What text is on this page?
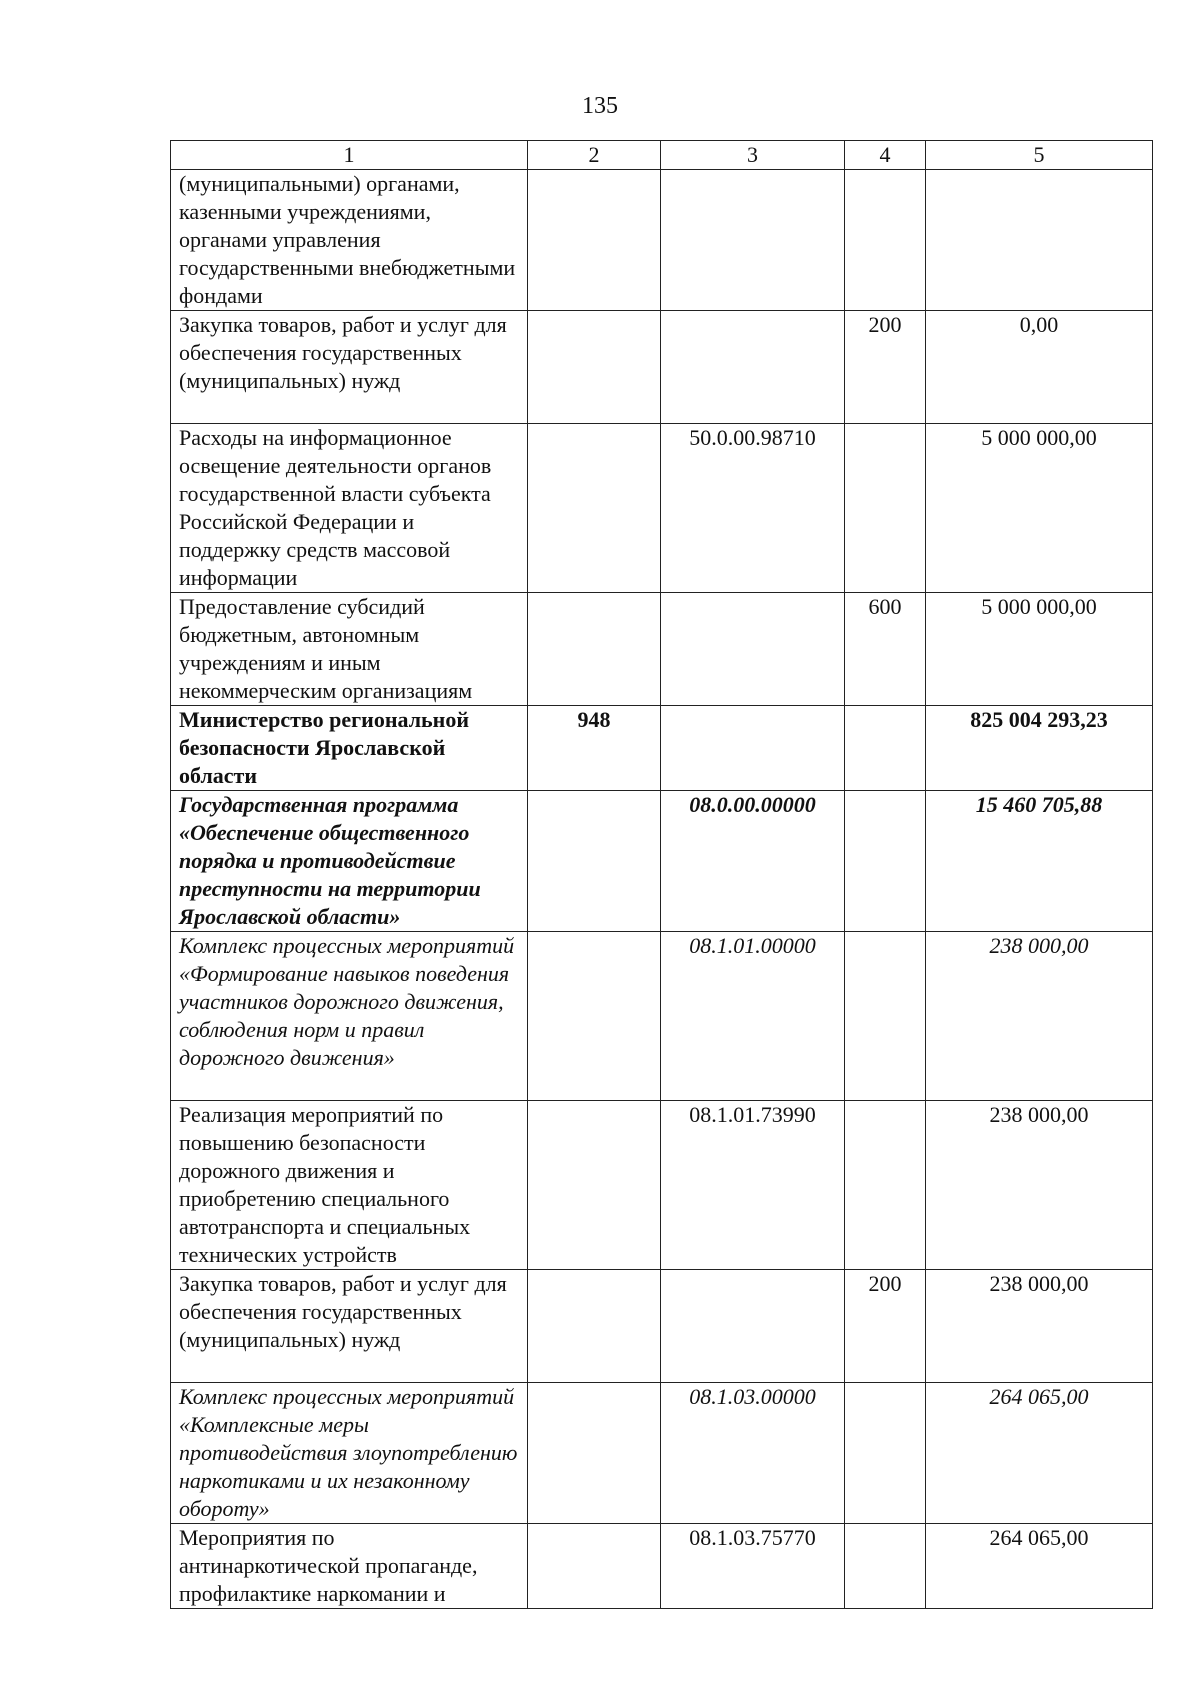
135
1	2	3	4	5
(муниципальными) органами, казенными учреждениями, органами управления государственными внебюджетными фондами				
Закупка товаров, работ и услуг для обеспечения государственных (муниципальных) нужд			200	0,00
Расходы на информационное освещение деятельности органов государственной власти субъекта Российской Федерации и поддержку средств массовой информации		50.0.00.98710		5 000 000,00
Предоставление субсидий бюджетным, автономным учреждениям и иным некоммерческим организациям			600	5 000 000,00
Министерство региональной безопасности Ярославской области	948			825 004 293,23
Государственная программа «Обеспечение общественного порядка и противодействие преступности на территории Ярославской области»		08.0.00.00000		15 460 705,88
Комплекс процессных мероприятий «Формирование навыков поведения участников дорожного движения, соблюдения норм и правил дорожного движения»		08.1.01.00000		238 000,00
Реализация мероприятий по повышению безопасности дорожного движения и приобретению специального автотранспорта и специальных технических устройств		08.1.01.73990		238 000,00
Закупка товаров, работ и услуг для обеспечения государственных (муниципальных) нужд			200	238 000,00
Комплекс процессных мероприятий «Комплексные меры противодействия злоупотреблению наркотиками и их незаконному обороту»		08.1.03.00000		264 065,00
Мероприятия по антинаркотической пропаганде, профилактике наркомании и		08.1.03.75770		264 065,00
